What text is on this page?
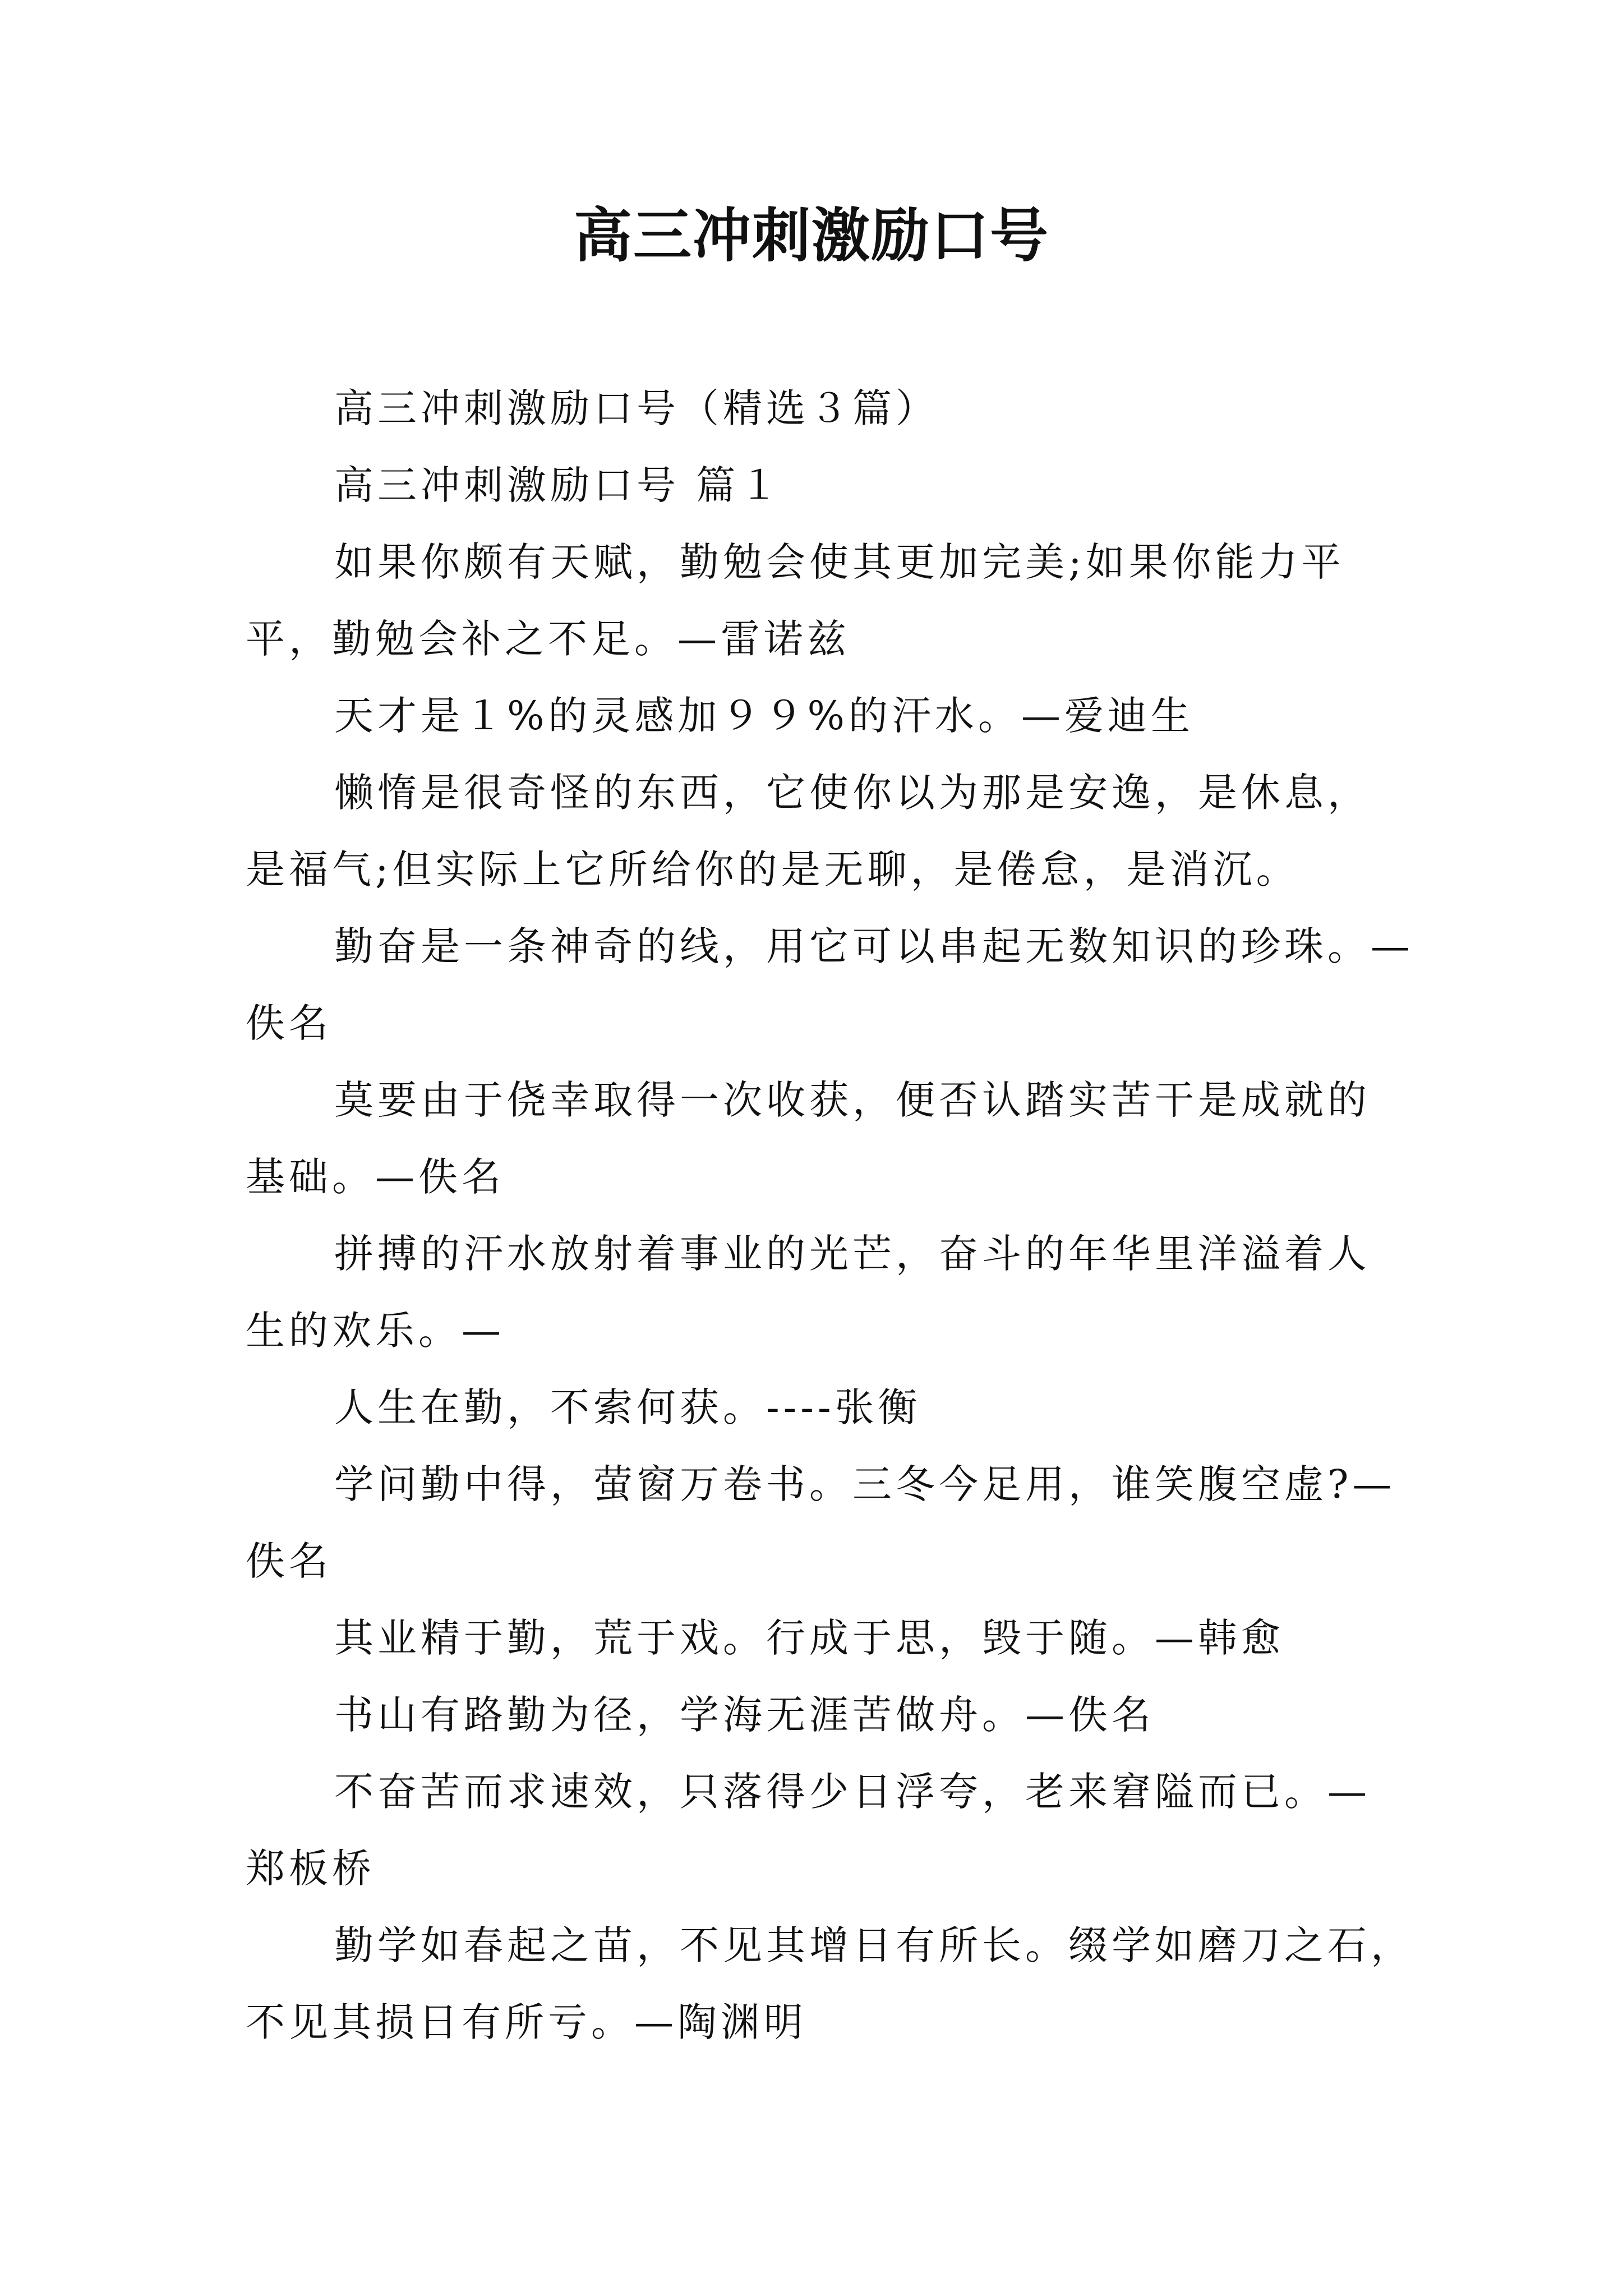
高三冲刺激励口号

高三冲刺激励口号（精选３篇）

高三冲刺激励口号 篇１

如果你颇有天赋，勤勉会使其更加完美;如果你能力平
平，勤勉会补之不足。—雷诺兹

天才是１%的灵感加９９%的汗水。—爱迪生

懒惰是很奇怪的东西，它使你以为那是安逸，是休息，
是福气;但实际上它所给你的是无聊，是倦怠，是消沉。

勤奋是一条神奇的线，用它可以串起无数知识的珍珠。—
佚名

莫要由于侥幸取得一次收获，便否认踏实苦干是成就的
基础。—佚名

拼搏的汗水放射着事业的光芒，奋斗的年华里洋溢着人
生的欢乐。—

人生在勤，不索何获。----张衡

学问勤中得，萤窗万卷书。三冬今足用，谁笑腹空虚?—
佚名

其业精于勤，荒于戏。行成于思，毁于随。—韩愈

书山有路勤为径，学海无涯苦做舟。—佚名

不奋苦而求速效，只落得少日浮夸，老来窘隘而已。—
郑板桥

勤学如春起之苗，不见其增日有所长。缀学如磨刀之石，
不见其损日有所亏。—陶渊明
